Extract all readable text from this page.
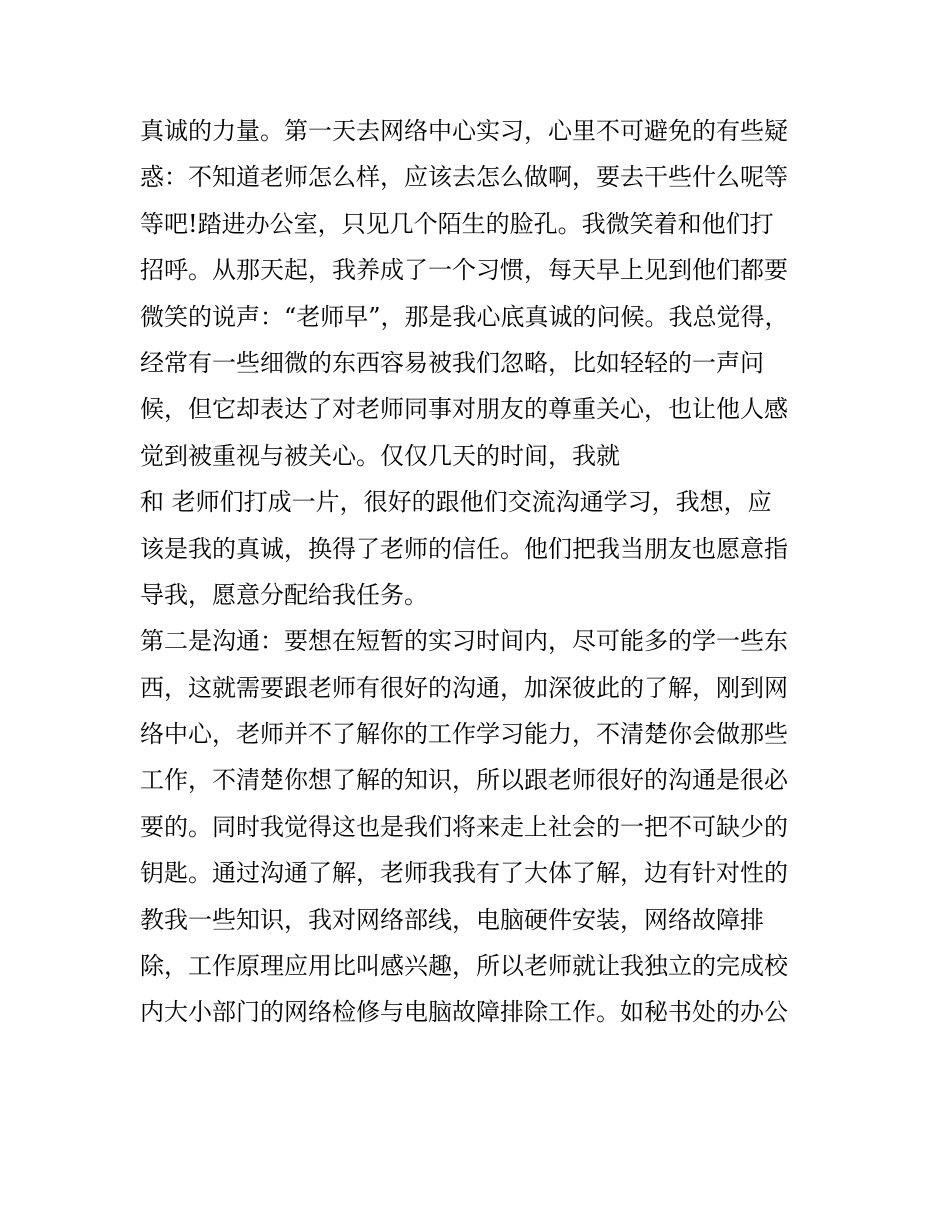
真诚的力量。第一天去网络中心实习，心里不可避免的有些疑
惑：不知道老师怎么样，应该去怎么做啊，要去干些什么呢等
等吧!踏进办公室，只见几个陌生的脸孔。我微笑着和他们打
招呼。从那天起，我养成了一个习惯，每天早上见到他们都要
微笑的说声：“老师早”，那是我心底真诚的问候。我总觉得，
经常有一些细微的东西容易被我们忽略，比如轻轻的一声问
候，但它却表达了对老师同事对朋友的尊重关心，也让他人感
觉到被重视与被关心。仅仅几天的时间，我就
和 老师们打成一片，很好的跟他们交流沟通学习，我想，应
该是我的真诚，换得了老师的信任。他们把我当朋友也愿意指
导我，愿意分配给我任务。
第二是沟通：要想在短暂的实习时间内，尽可能多的学一些东
西，这就需要跟老师有很好的沟通，加深彼此的了解，刚到网
络中心，老师并不了解你的工作学习能力，不清楚你会做那些
工作，不清楚你想了解的知识，所以跟老师很好的沟通是很必
要的。同时我觉得这也是我们将来走上社会的一把不可缺少的
钥匙。通过沟通了解，老师我我有了大体了解，边有针对性的
教我一些知识，我对网络部线，电脑硬件安装，网络故障排
除，工作原理应用比叫感兴趣，所以老师就让我独立的完成校
内大小部门的网络检修与电脑故障排除工作。如秘书处的办公
